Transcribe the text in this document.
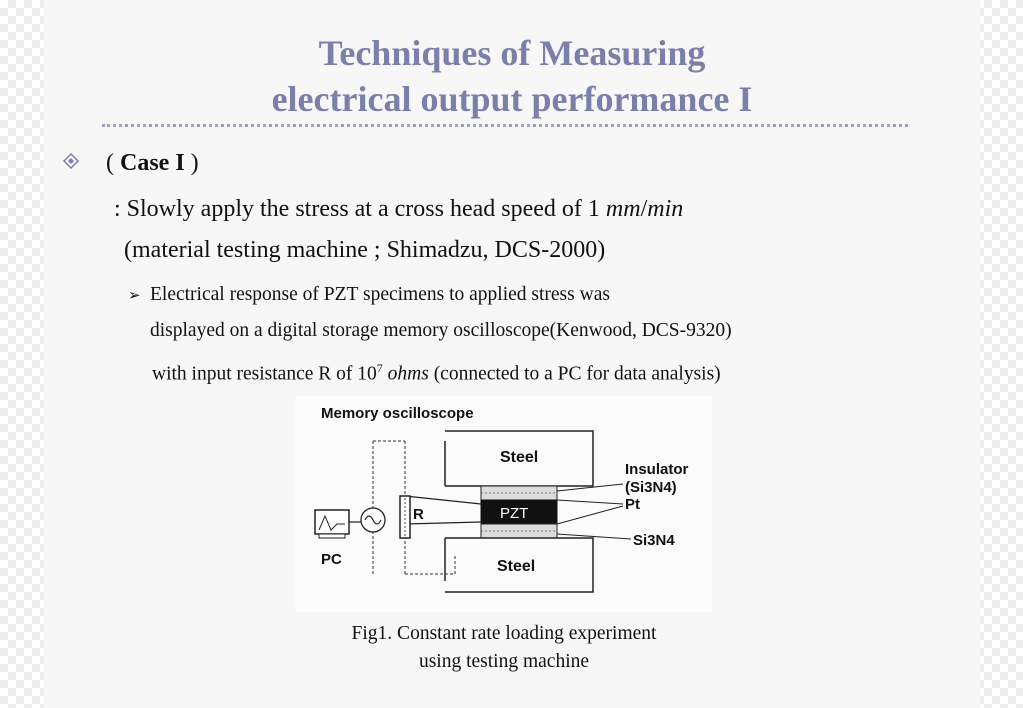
Techniques of Measuring
electrical output performance I
( Case I )
: Slowly apply the stress at a cross head speed of 1 mm/min
(material testing machine ; Shimadzu, DCS-2000)
➢ Electrical response of PZT specimens to applied stress was
displayed on a digital storage memory oscilloscope(Kenwood, DCS-9320)
with input resistance R of $10^7$ ohms (connected to a PC for data analysis)
Memory oscilloscope
Steel
PZT
Steel
R
PC
Insulator
(Si3N4)
Pt
Si3N4
Fig1. Constant rate loading experiment
using testing machine
